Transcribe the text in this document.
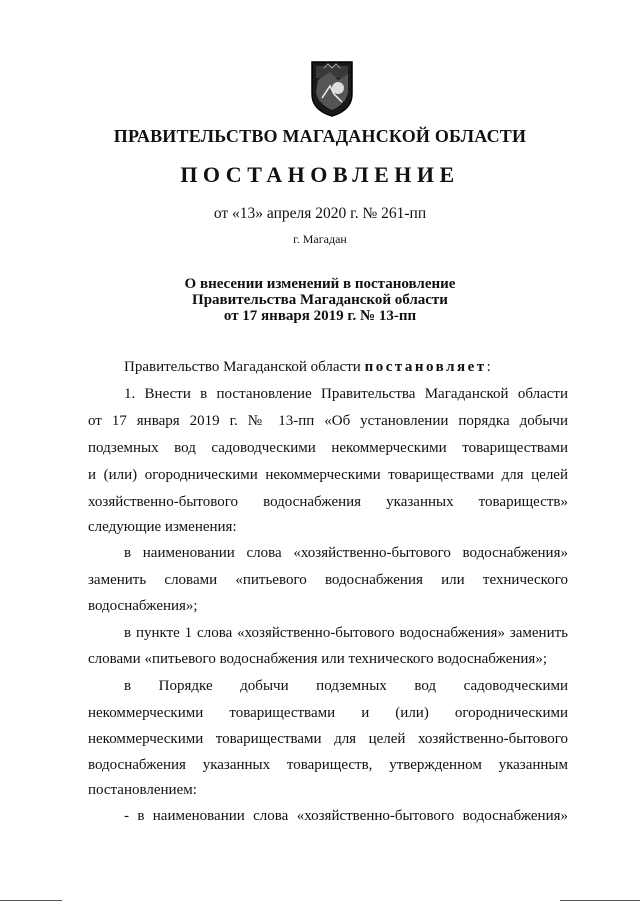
ПРАВИТЕЛЬСТВО МАГАДАНСКОЙ ОБЛАСТИ
ПОСТАНОВЛЕНИЕ
от «13» апреля 2020 г. № 261-пп
г. Магадан
О внесении изменений в постановление
Правительства Магаданской области
от 17 января 2019 г. № 13-пп
Правительство Магаданской области постановляет:
1. Внести в постановление Правительства Магаданской области
от 17 января 2019 г. № 13-пп «Об установлении порядка добычи
подземных вод садоводческими некоммерческими товариществами
и (или) огородническими некоммерческими товариществами для целей
хозяйственно-бытового водоснабжения указанных товариществ»
следующие изменения:
в наименовании слова «хозяйственно-бытового водоснабжения»
заменить словами «питьевого водоснабжения или технического
водоснабжения»;
в пункте 1 слова «хозяйственно-бытового водоснабжения» заменить
словами «питьевого водоснабжения или технического водоснабжения»;
в Порядке добычи подземных вод садоводческими
некоммерческими товариществами и (или) огородническими
некоммерческими товариществами для целей хозяйственно-бытового
водоснабжения указанных товариществ, утвержденном указанным
постановлением:
- в наименовании слова «хозяйственно-бытового водоснабжения»
